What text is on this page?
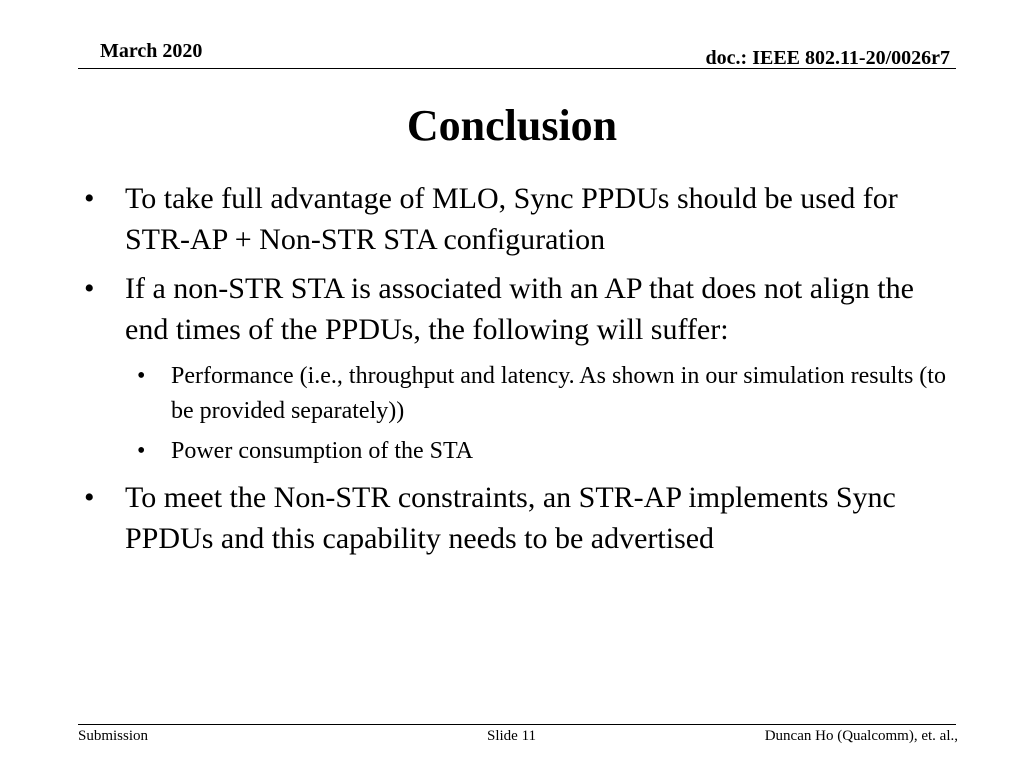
March 2020	doc.: IEEE 802.11-20/0026r7
Conclusion
• To take full advantage of MLO, Sync PPDUs should be used for STR-AP + Non-STR STA configuration
• If a non-STR STA is associated with an AP that does not align the end times of the PPDUs, the following will suffer:
• Performance (i.e., throughput and latency. As shown in our simulation results (to be provided separately))
• Power consumption of the STA
• To meet the Non-STR constraints, an STR-AP implements Sync PPDUs and this capability needs to be advertised
Submission	Slide 11	Duncan Ho (Qualcomm), et. al.,
